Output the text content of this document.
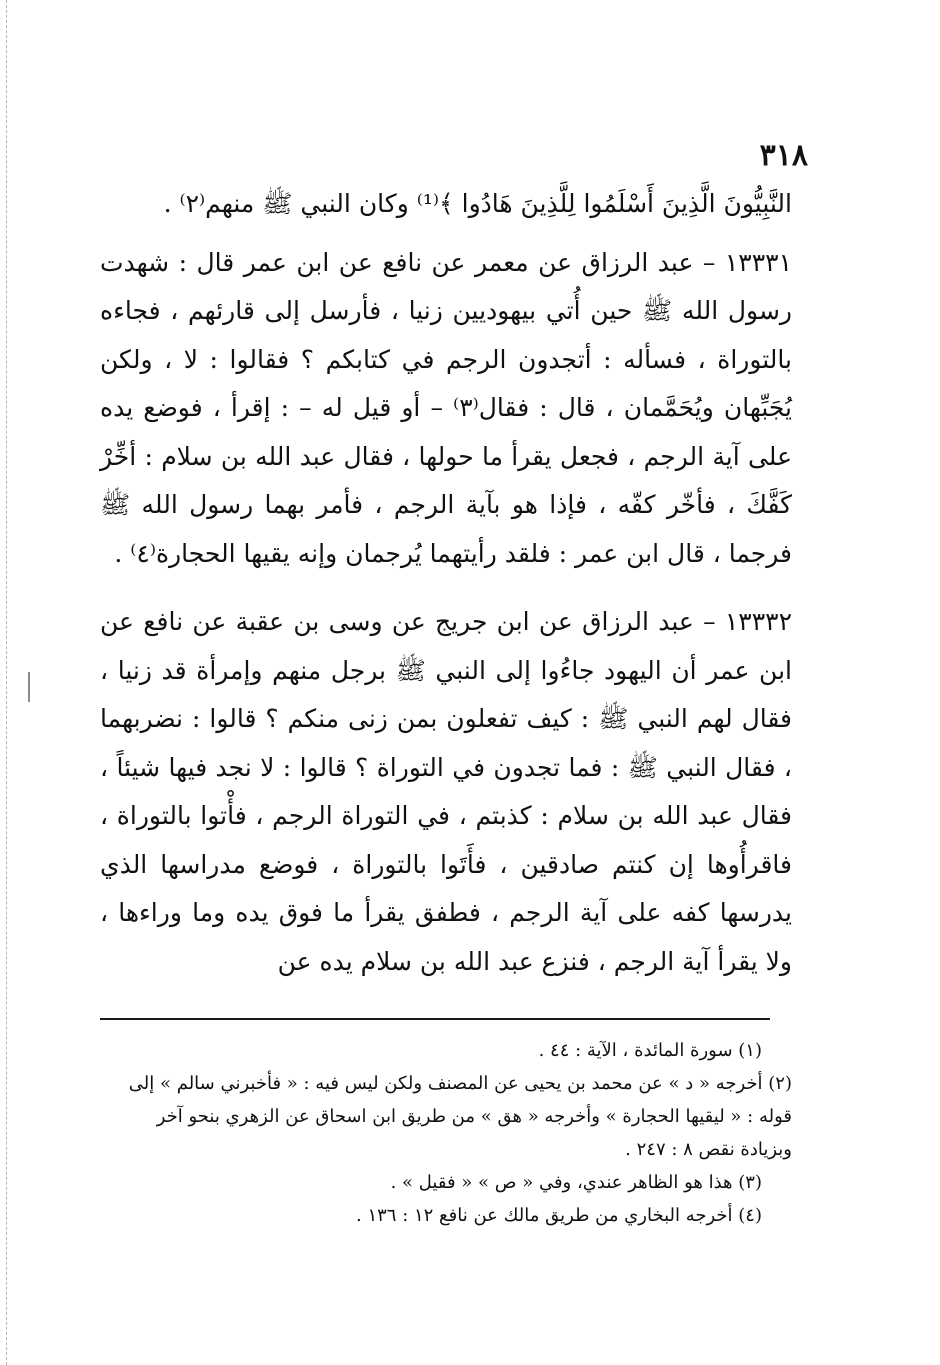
٣١٨

النَّبِيُّونَ الَّذِينَ أَسْلَمُوا لِلَّذِينَ هَادُوا ﴾⁽¹⁾ وكان النبي ﷺ منهم⁽٢⁾ .

١٣٣٣١ – عبد الرزاق عن معمر عن نافع عن ابن عمر قال : شهدت رسول الله ﷺ حين أُتي بيهوديين زنيا ، فأرسل إلى قارئهم ، فجاءه بالتوراة ، فسأله : أتجدون الرجم في كتابكم ؟ فقالوا : لا ، ولكن يُجَبِّهان ويُحَمَّمان ، قال : فقال⁽٣⁾ – أو قيل له – : إقرأ ، فوضع يده على آية الرجم ، فجعل يقرأ ما حولها ، فقال عبد الله بن سلام : أخِّرْ كَفَّكَ ، فأخّر كفّه ، فإذا هو بآية الرجم ، فأمر بهما رسول الله ﷺ فرجما ، قال ابن عمر : فلقد رأيتهما يُرجمان وإنه يقيها الحجارة⁽٤⁾ .

١٣٣٣٢ – عبد الرزاق عن ابن جريج عن وسى بن عقبة عن نافع عن ابن عمر أن اليهود جاءُوا إلى النبي ﷺ برجل منهم وإمرأة قد زنيا ، فقال لهم النبي ﷺ : كيف تفعلون بمن زنى منكم ؟ قالوا : نضربهما ، فقال النبي ﷺ : فما تجدون في التوراة ؟ قالوا : لا نجد فيها شيئاً ، فقال عبد الله بن سلام : كذبتم ، في التوراة الرجم ، فأْتوا بالتوراة ، فاقرأُوها إن كنتم صادقين ، فأَتَوا بالتوراة ، فوضع مدراسها الذي يدرسها كفه على آية الرجم ، فطفق يقرأ ما فوق يده وما وراءها ، ولا يقرأ آية الرجم ، فنزع عبد الله بن سلام يده عن

(١) سورة المائدة ، الآية : ٤٤ .

(٢) أخرجه « د » عن محمد بن يحيى عن المصنف ولكن ليس فيه : « فأخبرني سالم » إلى قوله : « ليقيها الحجارة » وأخرجه « هق » من طريق ابن اسحاق عن الزهري بنحو آخر وبزيادة نقص ٨ : ٢٤٧ .

(٣) هذا هو الظاهر عندي، وفي « ص » « فقيل » .

(٤) أخرجه البخاري من طريق مالك عن نافع ١٢ : ١٣٦ .
